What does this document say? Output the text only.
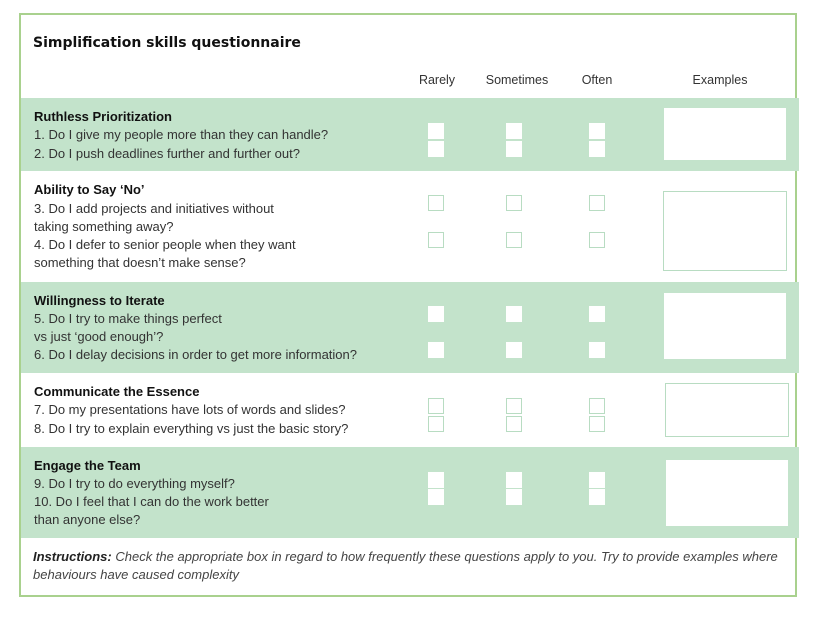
Simplification skills questionnaire
Rarely Sometimes	Often	Examples
Ruthless Prioritization
1. Do I give my people more than they can handle?
2. Do I push deadlines further and further out?
Ability to Say ‘No’
3. Do I add projects and initiatives without
taking something away?
4. Do I defer to senior people when they want
something that doesn’t make sense?
Willingness to Iterate
5. Do I try to make things perfect
vs just ‘good enough’?
6. Do I delay decisions in order to get more information?
Communicate the Essence
7. Do my presentations have lots of words and slides?
8. Do I try to explain everything vs just the basic story?
Engage the Team
9. Do I try to do everything myself?
10. Do I feel that I can do the work better
than anyone else?
Instructions: Check the appropriate box in regard to how frequently these questions apply to you. Try to provide examples where behaviours have caused complexity
